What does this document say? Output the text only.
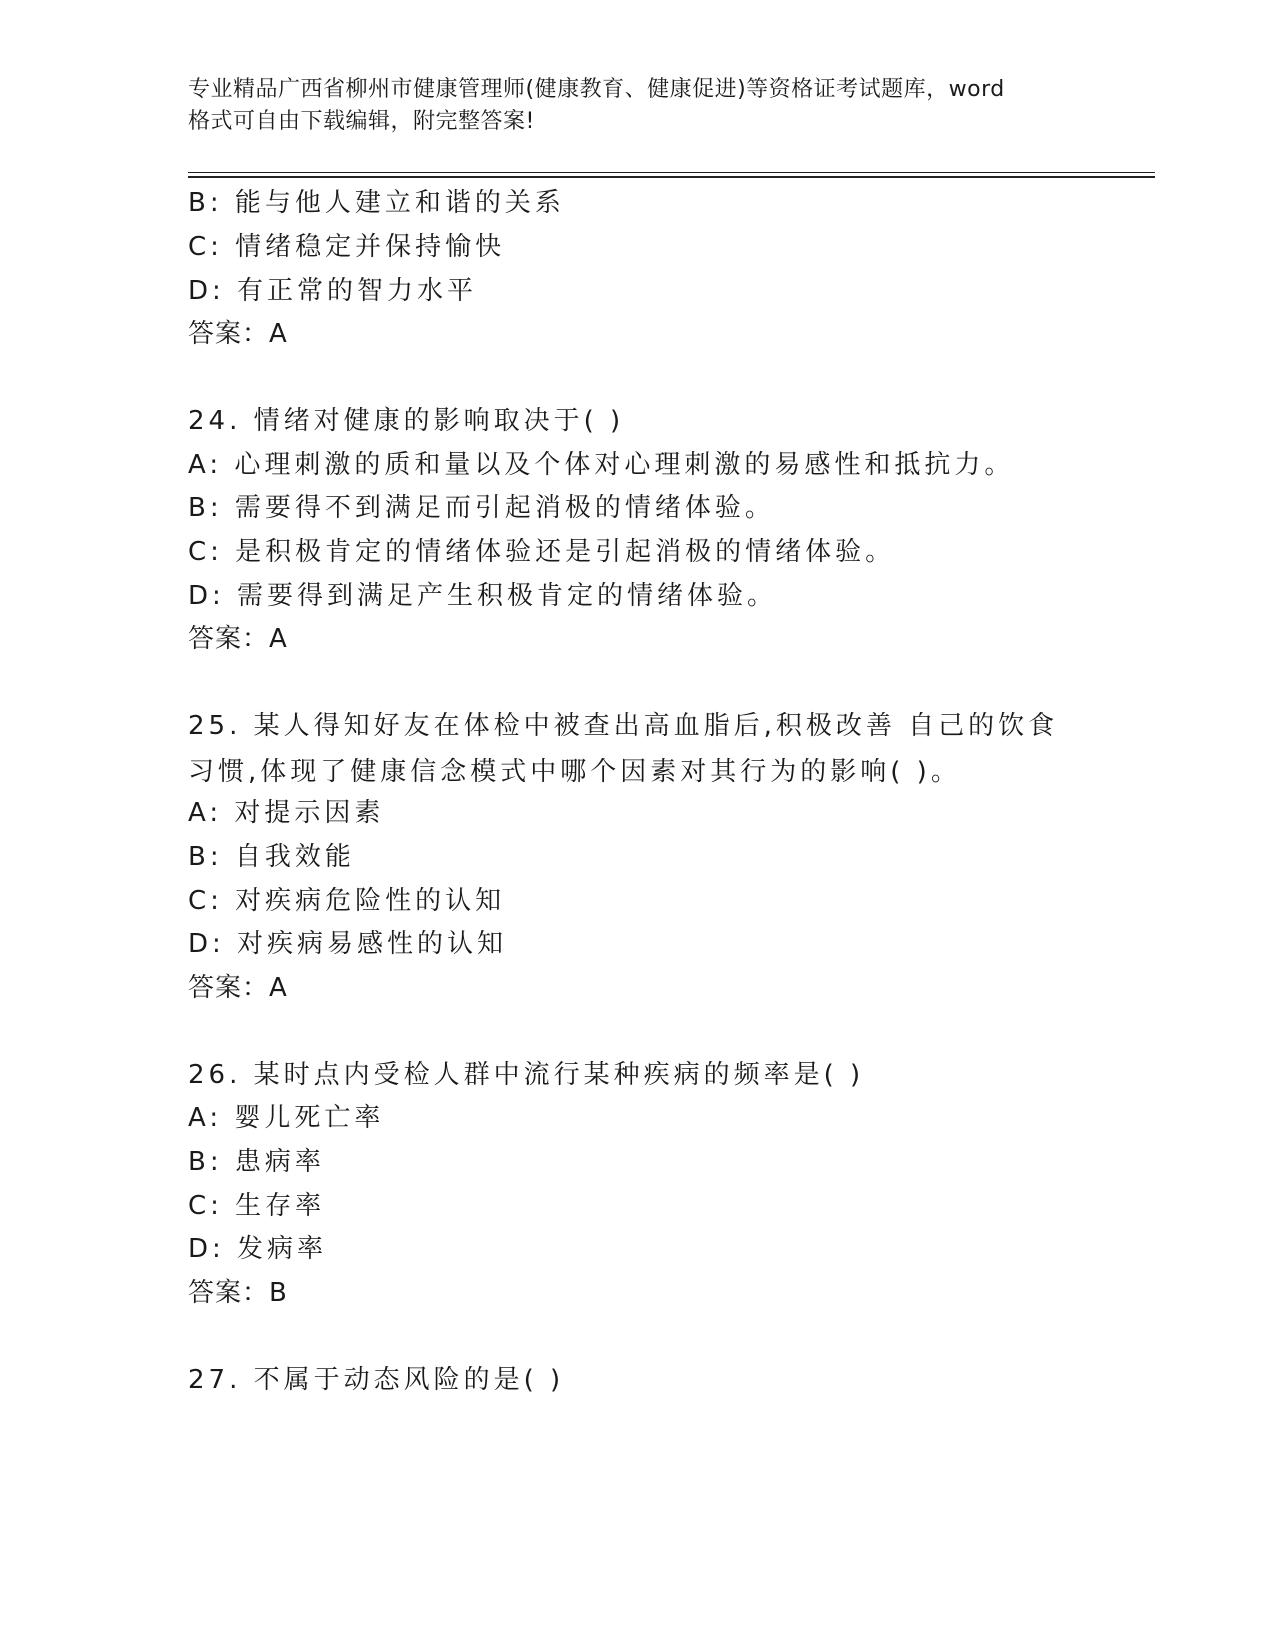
专业精品广西省柳州市健康管理师(健康教育、健康促进)等资格证考试题库，word
格式可自由下载编辑，附完整答案!
B: 能与他人建立和谐的关系
C: 情绪稳定并保持愉快
D: 有正常的智力水平
答案：A
24. 情绪对健康的影响取决于( )
A: 心理刺激的质和量以及个体对心理刺激的易感性和抵抗力。
B: 需要得不到满足而引起消极的情绪体验。
C: 是积极肯定的情绪体验还是引起消极的情绪体验。
D: 需要得到满足产生积极肯定的情绪体验。
答案：A
25. 某人得知好友在体检中被查出高血脂后,积极改善 自己的饮食习惯,体现了健康信念模式中哪个因素对其行为的影响( )。
A: 对提示因素
B: 自我效能
C: 对疾病危险性的认知
D: 对疾病易感性的认知
答案：A
26. 某时点内受检人群中流行某种疾病的频率是( )
A: 婴儿死亡率
B: 患病率
C: 生存率
D: 发病率
答案：B
27. 不属于动态风险的是( )
